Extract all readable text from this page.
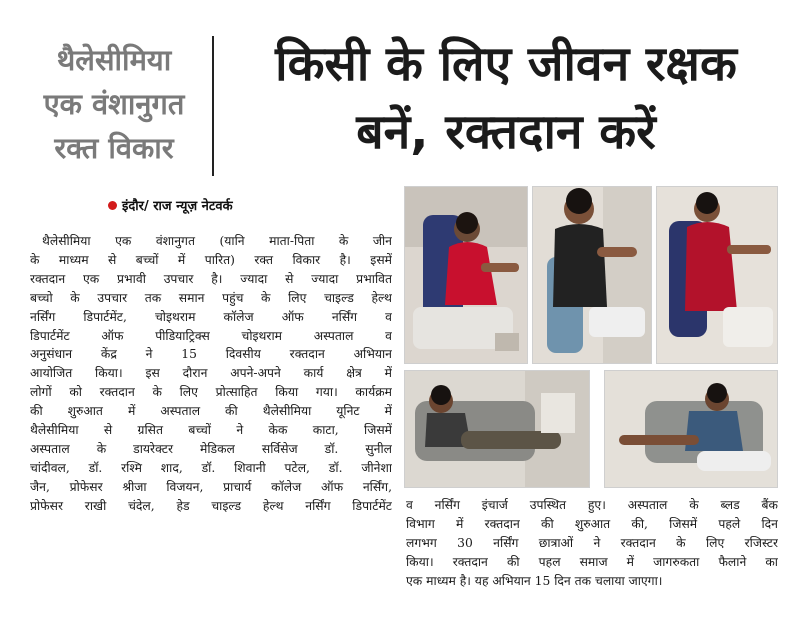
थैलेसीमिया
एक वंशानुगत
रक्त विकार
किसी के लिए जीवन रक्षक
बनें, रक्तदान करें
इंदौर/ राज न्यूज़ नेटवर्क
थैलेसीमिया एक वंशानुगत (यानि माता-पिता के जीन
के माध्यम से बच्चों में पारित) रक्त विकार है। इसमें
रक्तदान एक प्रभावी उपचार है। ज्यादा से ज्यादा प्रभावित
बच्चो के उपचार तक समान पहुंच के लिए चाइल्ड हेल्थ
नर्सिंग डिपार्टमेंट, चोइथराम कॉलेज ऑफ नर्सिंग व
डिपार्टमेंट ऑफ पीडियाट्रिक्स चोइथराम अस्पताल व
अनुसंधान केंद्र ने 15 दिवसीय रक्तदान अभियान
आयोजित किया। इस दौरान अपने-अपने कार्य क्षेत्र में
लोगों को रक्तदान के लिए प्रोत्साहित किया गया। कार्यक्रम
की शुरुआत में अस्पताल की थैलेसीमिया यूनिट में
थैलेसीमिया से ग्रसित बच्चों ने केक काटा, जिसमें
अस्पताल के डायरेक्टर मेडिकल सर्विसेज डॉ. सुनील
चांदीवल, डॉ. रश्मि शाद, डॉ. शिवानी पटेल, डॉ. जीनेशा
जैन, प्रोफेसर श्रीजा विजयन, प्राचार्य कॉलेज ऑफ नर्सिंग,
प्रोफेसर राखी चंदेल, हेड चाइल्ड हेल्थ नर्सिंग डिपार्टमेंट व नर्सिंग इंचार्ज उपस्थित हुए। अस्पताल के ब्लड बैंक
विभाग में रक्तदान की शुरुआत की, जिसमें पहले दिन
लगभग 30 नर्सिंग छात्राओं ने रक्तदान के लिए रजिस्टर
किया। रक्तदान की पहल समाज में जागरुकता फैलाने का
एक माध्यम है। यह अभियान 15 दिन तक चलाया जाएगा।
